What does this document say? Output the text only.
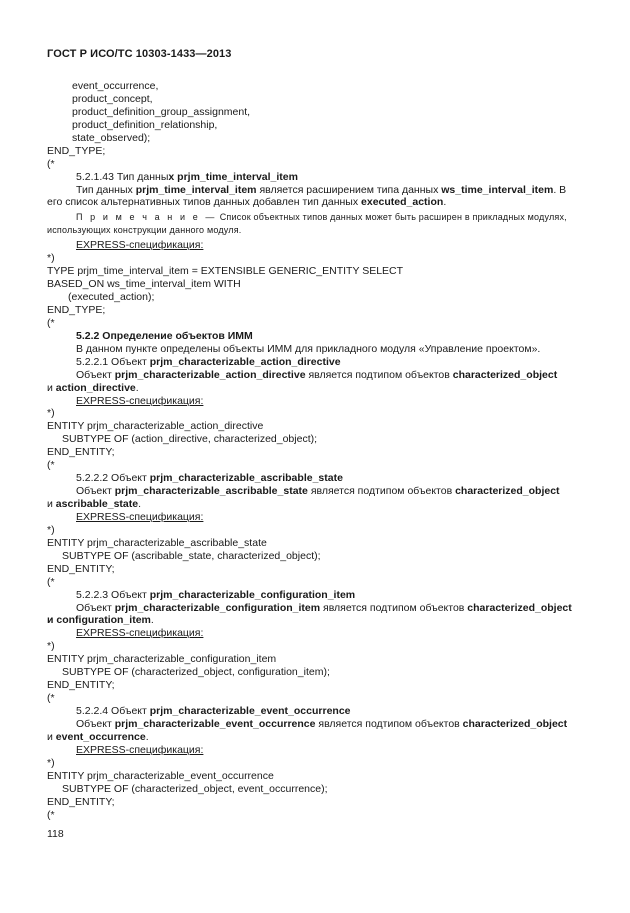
ГОСТ Р ИСО/ТС 10303-1433—2013
event_occurrence,
product_concept,
product_definition_group_assignment,
product_definition_relationship,
state_observed);
END_TYPE;
(*
5.2.1.43 Тип данных prjm_time_interval_item
Тип данных prjm_time_interval_item является расширением типа данных ws_time_interval_item. В
его список альтернативных типов данных добавлен тип данных executed_action.
П р и м е ч а н и е — Список объектных типов данных может быть расширен в прикладных модулях,
использующих конструкции данного модуля.
EXPRESS-спецификация:
*)
TYPE prjm_time_interval_item = EXTENSIBLE GENERIC_ENTITY SELECT
BASED_ON ws_time_interval_item WITH
(executed_action);
END_TYPE;
(*
5.2.2 Определение объектов ИММ
В данном пункте определены объекты ИММ для прикладного модуля «Управление проектом».
5.2.2.1 Объект prjm_characterizable_action_directive
Объект prjm_characterizable_action_directive является подтипом объектов characterized_object
и action_directive.
EXPRESS-спецификация:
*)
ENTITY prjm_characterizable_action_directive
SUBTYPE OF (action_directive, characterized_object);
END_ENTITY;
(*
5.2.2.2 Объект prjm_characterizable_ascribable_state
Объект prjm_characterizable_ascribable_state является подтипом объектов characterized_object
и ascribable_state.
EXPRESS-спецификация:
*)
ENTITY prjm_characterizable_ascribable_state
SUBTYPE OF (ascribable_state, characterized_object);
END_ENTITY;
(*
5.2.2.3 Объект prjm_characterizable_configuration_item
Объект prjm_characterizable_configuration_item является подтипом объектов characterized_object
и configuration_item.
EXPRESS-спецификация:
*)
ENTITY prjm_characterizable_configuration_item
SUBTYPE OF (characterized_object, configuration_item);
END_ENTITY;
(*
5.2.2.4 Объект prjm_characterizable_event_occurrence
Объект prjm_characterizable_event_occurrence является подтипом объектов characterized_object
и event_occurrence.
EXPRESS-спецификация:
*)
ENTITY prjm_characterizable_event_occurrence
SUBTYPE OF (characterized_object, event_occurrence);
END_ENTITY;
(*
118
